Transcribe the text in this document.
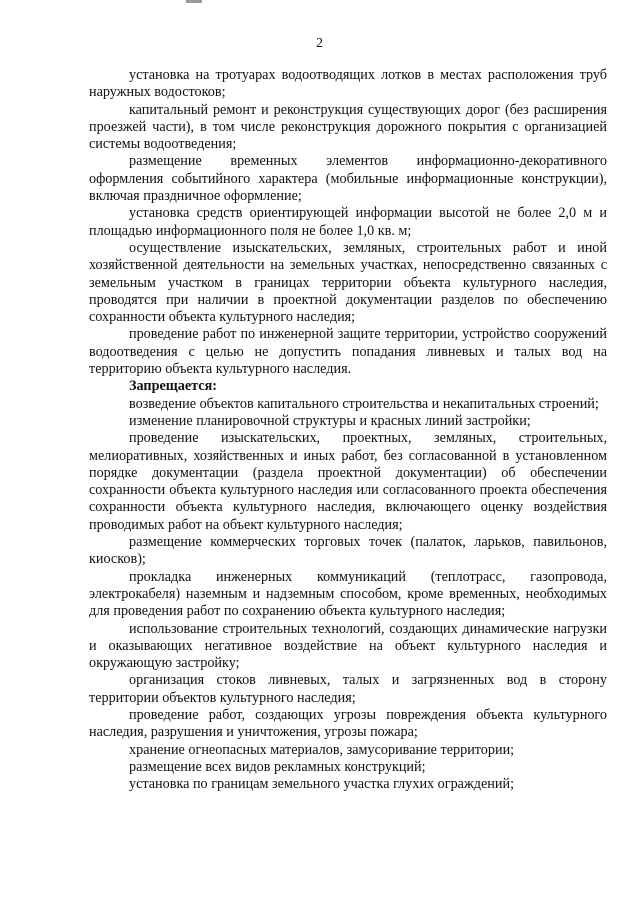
2

установка на тротуарах водоотводящих лотков в местах расположения труб наружных водостоков;

капитальный ремонт и реконструкция существующих дорог (без расширения проезжей части), в том числе реконструкция дорожного покрытия с организацией системы водоотведения;

размещение временных элементов информационно-декоративного оформления событийного характера (мобильные информационные конструкции), включая праздничное оформление;

установка средств ориентирующей информации высотой не более 2,0 м и площадью информационного поля не более 1,0 кв. м;

осуществление изыскательских, земляных, строительных работ и иной хозяйственной деятельности на земельных участках, непосредственно связанных с земельным участком в границах территории объекта культурного наследия, проводятся при наличии в проектной документации разделов по обеспечению сохранности объекта культурного наследия;

проведение работ по инженерной защите территории, устройство сооружений водоотведения с целью не допустить попадания ливневых и талых вод на территорию объекта культурного наследия.

Запрещается:

возведение объектов капитального строительства и некапитальных строений;

изменение планировочной структуры и красных линий застройки;

проведение изыскательских, проектных, земляных, строительных, мелиоративных, хозяйственных и иных работ, без согласованной в установленном порядке документации (раздела проектной документации) об обеспечении сохранности объекта культурного наследия или согласованного проекта обеспечения сохранности объекта культурного наследия, включающего оценку воздействия проводимых работ на объект культурного наследия;

размещение коммерческих торговых точек (палаток, ларьков, павильонов, киосков);

прокладка инженерных коммуникаций (теплотрасс, газопровода, электрокабеля) наземным и надземным способом, кроме временных, необходимых для проведения работ по сохранению объекта культурного наследия;

использование строительных технологий, создающих динамические нагрузки и оказывающих негативное воздействие на объект культурного наследия и окружающую застройку;

организация стоков ливневых, талых и загрязненных вод в сторону территории объектов культурного наследия;

проведение работ, создающих угрозы повреждения объекта культурного наследия, разрушения и уничтожения, угрозы пожара;

хранение огнеопасных материалов, замусоривание территории;

размещение всех видов рекламных конструкций;

установка по границам земельного участка глухих ограждений;
